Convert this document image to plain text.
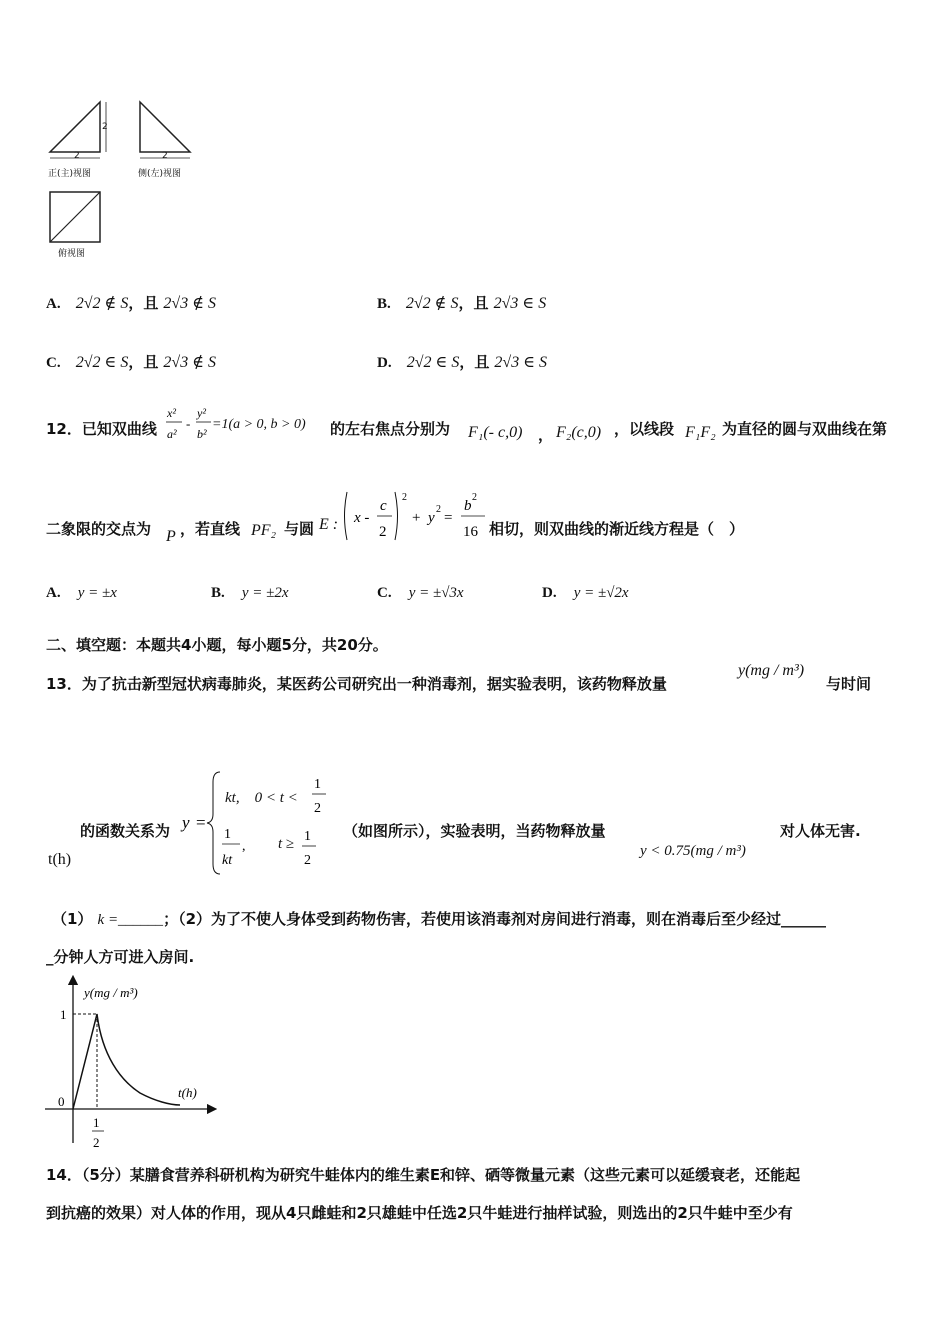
2
2
2
正(主)视图	侧(左)视图
俯视图
A. 2√2 ∉ S，且 2√3 ∉ S	B. 2√2 ∉ S，且 2√3 ∈ S
C. 2√2 ∈ S，且 2√3 ∉ S	D. 2√2 ∈ S，且 2√3 ∈ S
12．已知双曲线
x²
a²
-
y²
b²
=1(a > 0, b > 0) 的左右焦点分别为 F₁(- c,0) ， F₂(c,0) ，以线段 F₁F₂ 为直径的圆与双曲线在第
二象限的交点为 P ，若直线 PF₂ 与圆 E : x -
c
2
2
+ y
2
=
b
2
16 相切，则双曲线的渐近线方程是（　）
A. y = ±x	B. y = ±2x	C. y = ±√3x	D. y = ±√2x
二、填空题：本题共4小题，每小题5分，共20分。
13．为了抗击新型冠状病毒肺炎，某医药公司研究出一种消毒剂，据实验表明，该药物释放量
y(mg / m³)
与时间
的函数关系为 y =
1
2
1
kt
,
1
2
kt,　0 < t <
t ≥
（如图所示），实验表明，当药物释放量	对人体无害.
t(h)	y < 0.75(mg / m³)
（1） k =______；（2）为了不使人身体受到药物伤害，若使用该消毒剂对房间进行消毒，则在消毒后至少经过______
_分钟人方可进入房间.
y(mg / m³)
t(h)
1
0
1
2
14．（5分）某膳食营养科研机构为研究牛蛙体内的维生素E和锌、硒等微量元素（这些元素可以延缓衰老，还能起
到抗癌的效果）对人体的作用，现从4只雌蛙和2只雄蛙中任选2只牛蛙进行抽样试验，则选出的2只牛蛙中至少有
